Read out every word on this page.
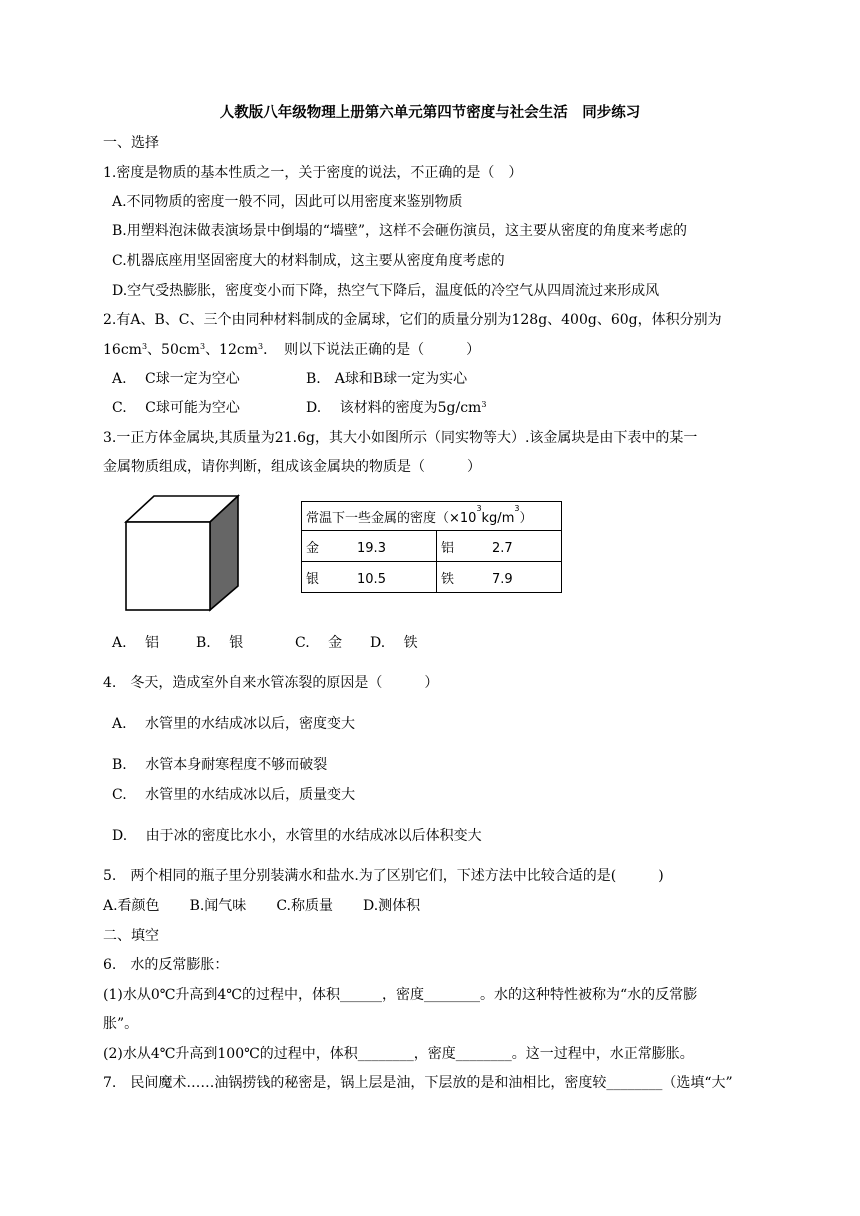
人教版八年级物理上册第六单元第四节密度与社会生活　同步练习
一、选择
1.密度是物质的基本性质之一，关于密度的说法，不正确的是（　）
A.不同物质的密度一般不同，因此可以用密度来鉴别物质
B.用塑料泡沫做表演场景中倒塌的“墙壁”，这样不会砸伤演员，这主要从密度的角度来考虑的
C.机器底座用坚固密度大的材料制成，这主要从密度角度考虑的
D.空气受热膨胀，密度变小而下降，热空气下降后，温度低的冷空气从四周流过来形成风
2.有A、B、C、三个由同种材料制成的金属球，它们的质量分别为128g、400g、60g，体积分别为
$16cm^3$、$50cm^3$、$12cm^3$．　则以下说法正确的是（　　　）
A.　 C球一定为空心	B.　A球和B球一定为实心
C.　 C球可能为空心	D.　 该材料的密度为$5g/cm^3$
3.一正方体金属块,其质量为21.6g，其大小如图所示（同实物等大）.该金属块是由下表中的某一
金属物质组成，请你判断，组成该金属块的物质是（　　　）
常温下一些金属的密度$(\times 10^3kg/m^3)$	
金 19.3	铝 2.7
银 10.5	铁 7.9
A.　 铝	B.　 银	C.　 金 D.　 铁
4.　冬天，造成室外自来水管冻裂的原因是（　　　）
A.　 水管里的水结成冰以后，密度变大
B.　 水管本身耐寒程度不够而破裂
C.　 水管里的水结成冰以后，质量变大
D.　 由于冰的密度比水小，水管里的水结成冰以后体积变大
5.　两个相同的瓶子里分别装满水和盐水.为了区别它们，下述方法中比较合适的是(　　　)
A.看颜色 B.闻气味 C.称质量 D.测体积
二、填空
6.　水的反常膨胀：
(1)水从0℃升高到4℃的过程中，体积______，密度________。水的这种特性被称为“水的反常膨
胀”。
(2)水从4℃升高到100℃的过程中，体积________，密度________。这一过程中，水正常膨胀。
7.　民间魔术……油锅捞钱的秘密是，锅上层是油，下层放的是和油相比，密度较________（选填“大”
